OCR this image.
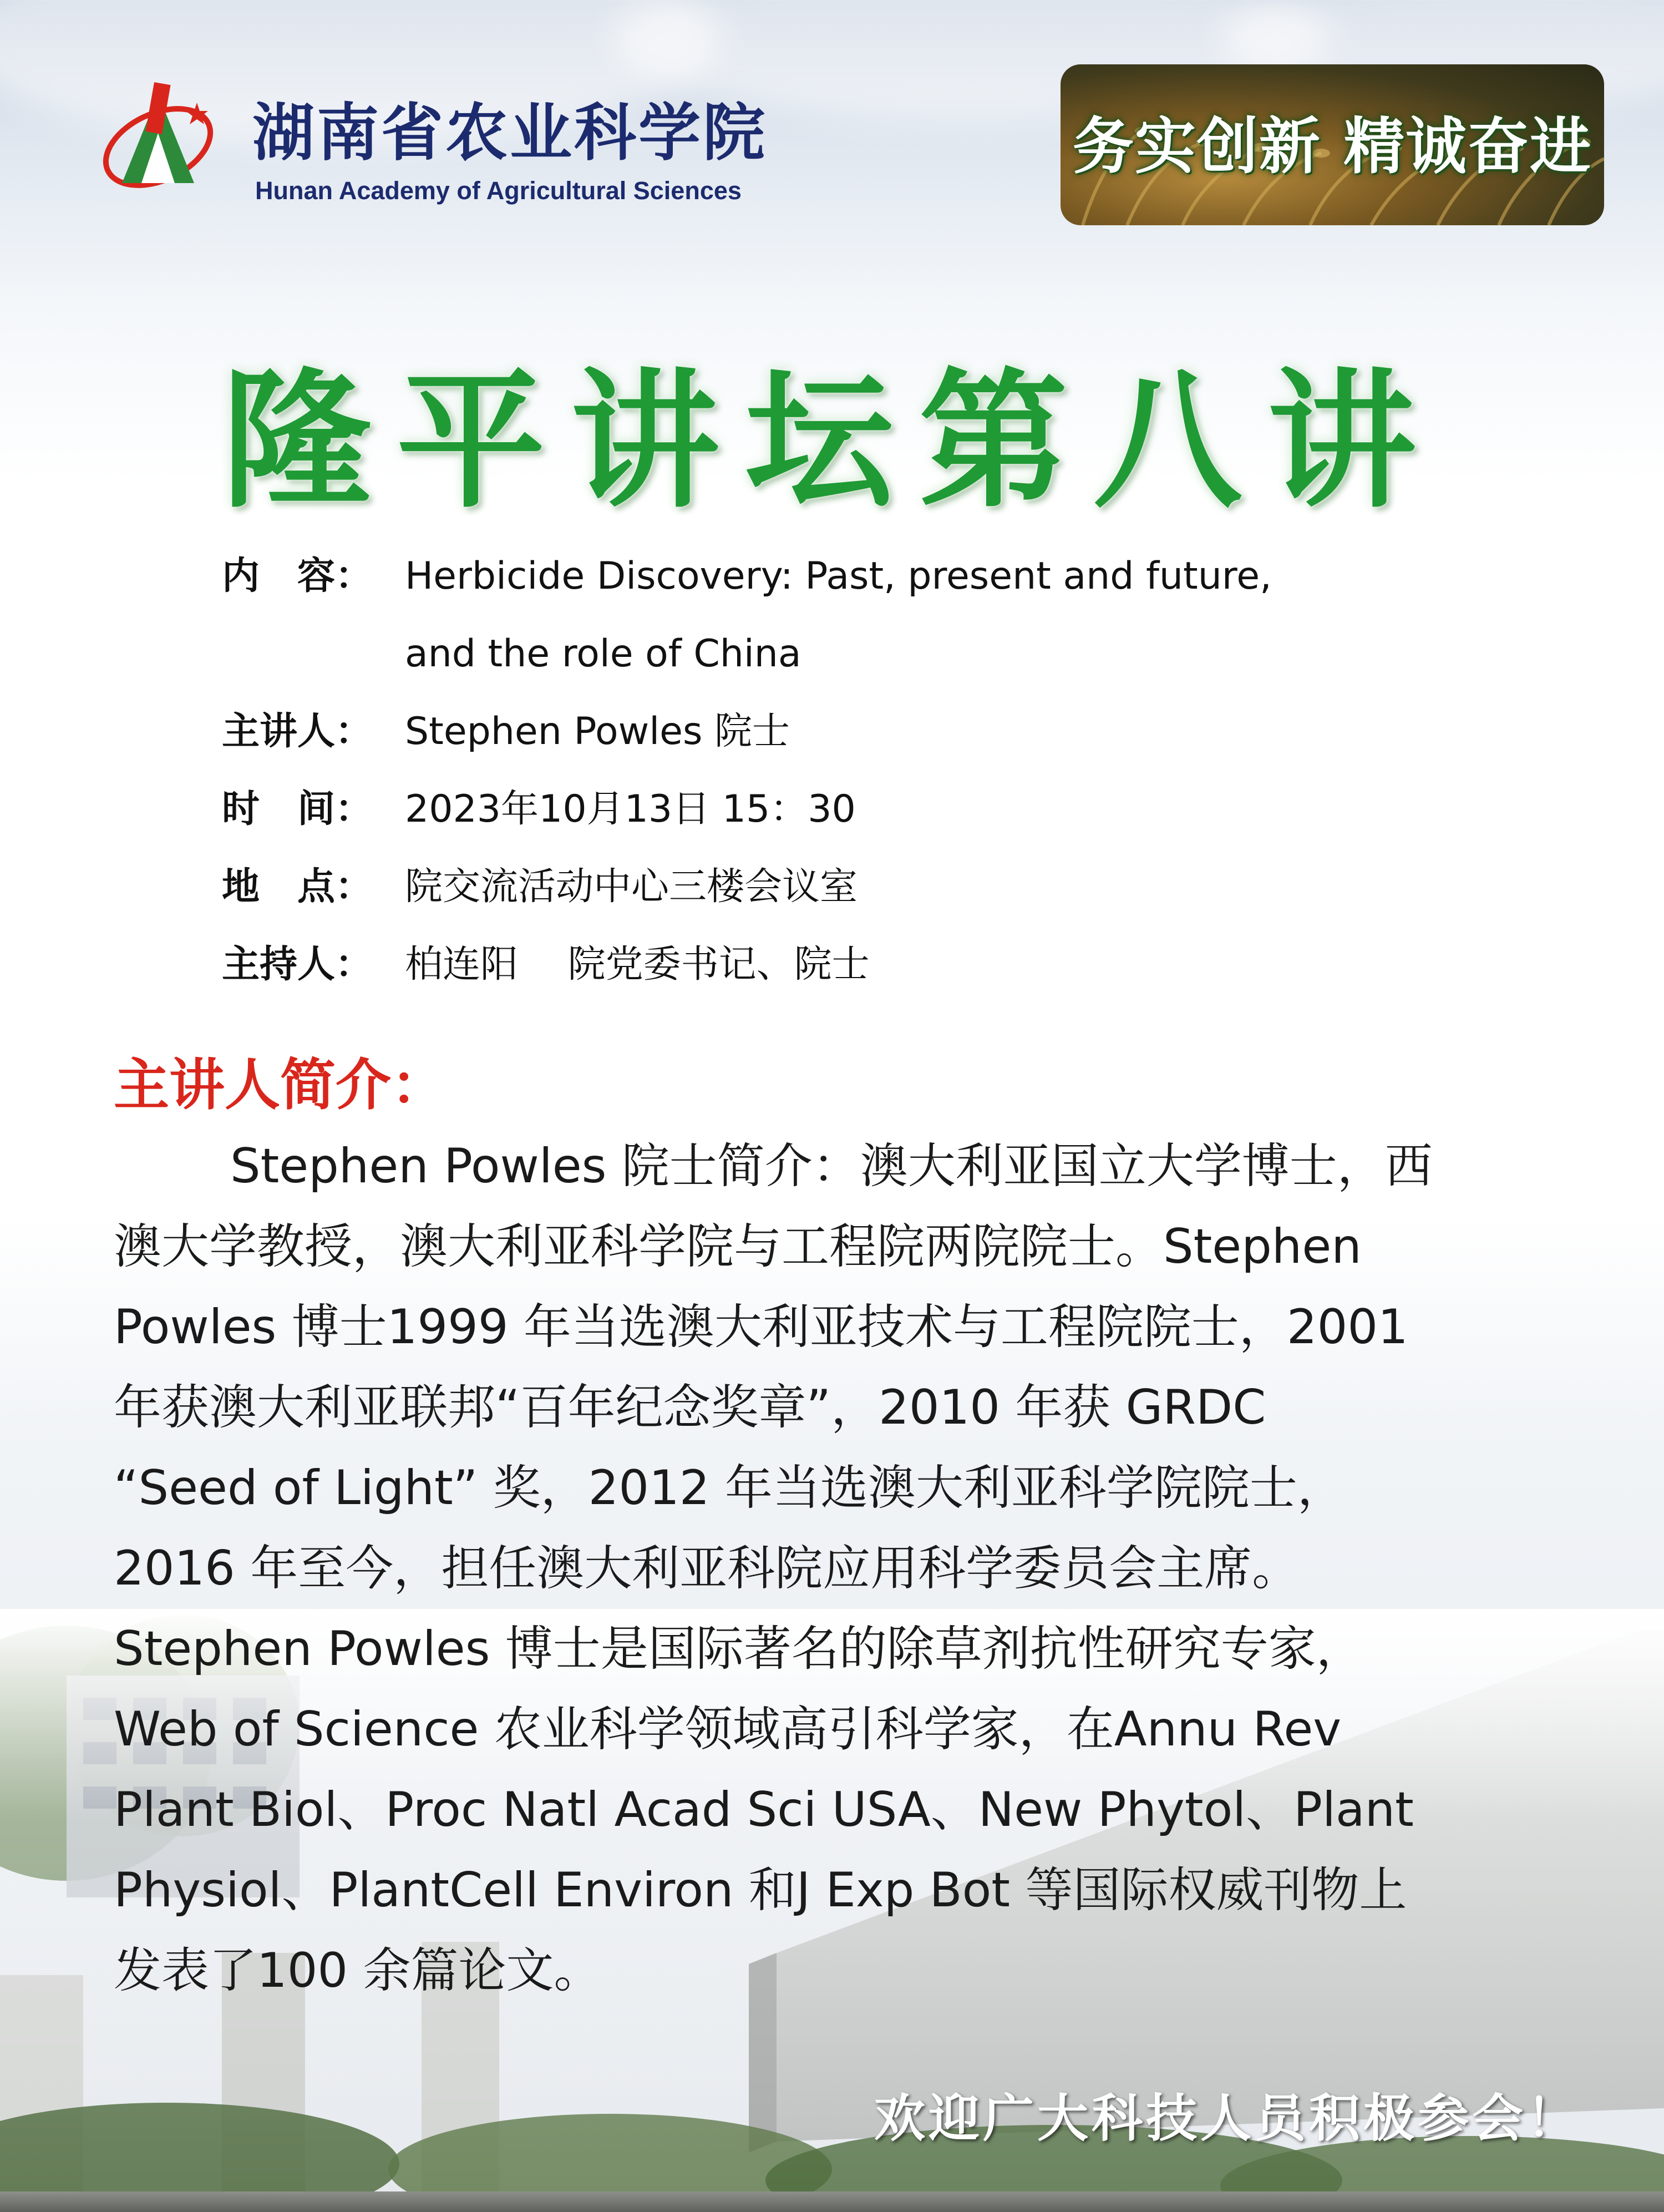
湖南省农业科学院
Hunan Academy of Agricultural Sciences
务实创新 精诚奋进
隆平讲坛第八讲
内　容： Herbicide Discovery: Past, present and future,
and the role of China
主讲人： Stephen Powles 院士
时　间： 2023年10月13日 15：30
地　点： 院交流活动中心三楼会议室
主持人： 柏连阳　 院党委书记、院士
主讲人简介：
Stephen Powles 院士简介：澳大利亚国立大学博士，西
澳大学教授，澳大利亚科学院与工程院两院院士。Stephen
Powles 博士1999 年当选澳大利亚技术与工程院院士，2001
年获澳大利亚联邦“百年纪念奖章”，2010 年获 GRDC
“Seed of Light” 奖，2012 年当选澳大利亚科学院院士，
2016 年至今，担任澳大利亚科院应用科学委员会主席。
Stephen Powles 博士是国际著名的除草剂抗性研究专家，
Web of Science 农业科学领域高引科学家，在Annu Rev
Plant Biol、Proc Natl Acad Sci USA、New Phytol、Plant
Physiol、PlantCell Environ 和J Exp Bot 等国际权威刊物上
发表了100 余篇论文。
欢迎广大科技人员积极参会！
